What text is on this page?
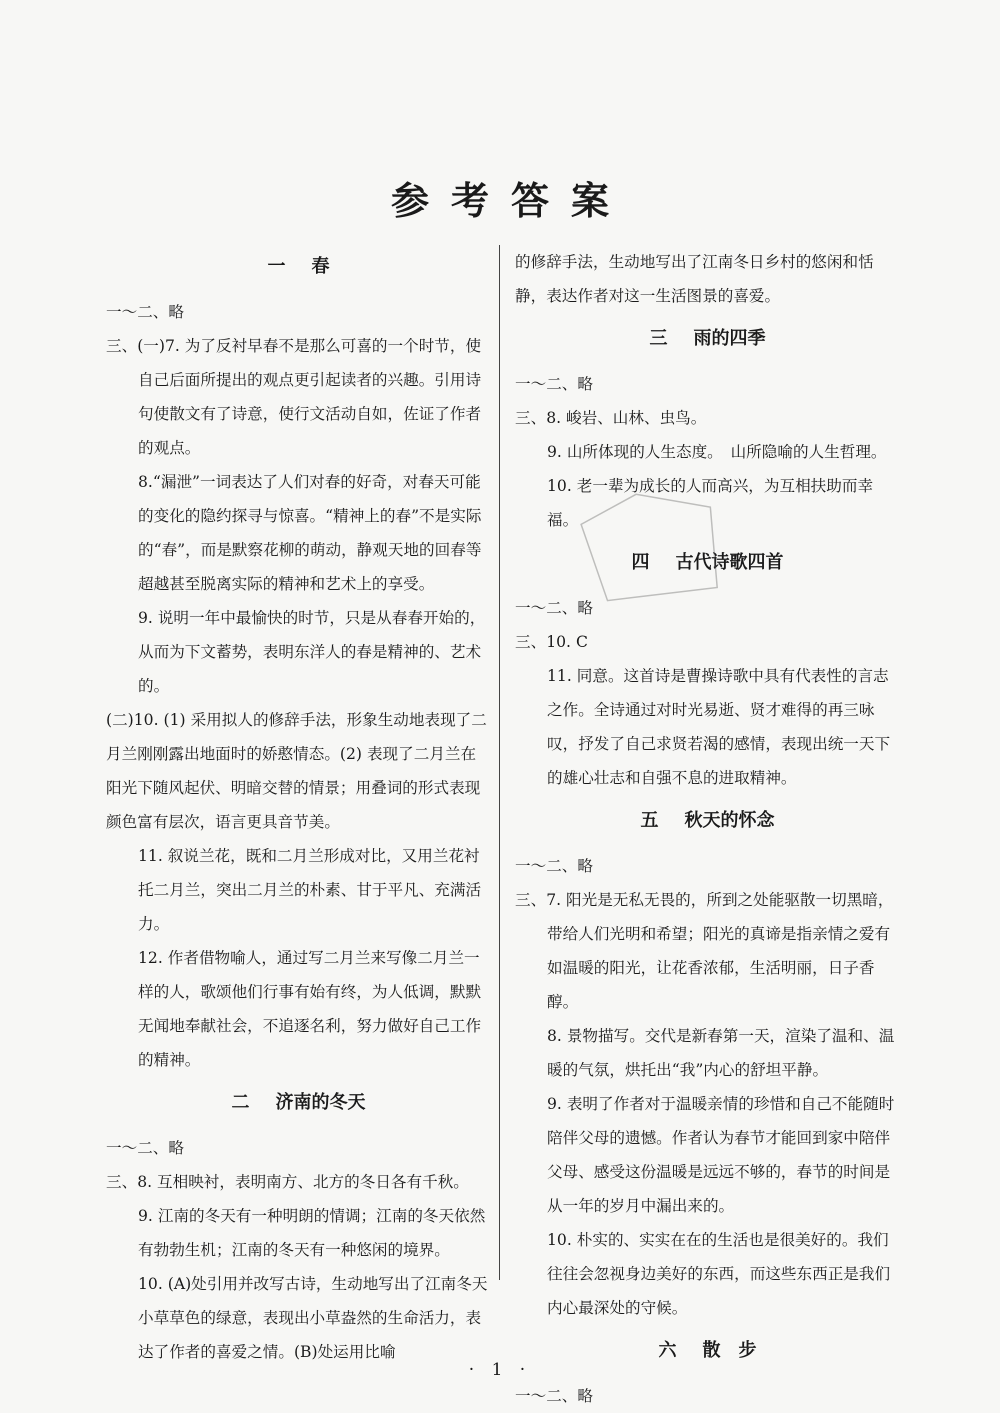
参考答案
一 春

一～二、略

三、(一)7. 为了反衬早春不是那么可喜的一个时节，使自己后面所提出的观点更引起读者的兴趣。引用诗句使散文有了诗意，使行文活动自如，佐证了作者的观点。

8.“漏泄”一词表达了人们对春的好奇，对春天可能的变化的隐约探寻与惊喜。“精神上的春”不是实际的“春”，而是默察花柳的萌动，静观天地的回春等超越甚至脱离实际的精神和艺术上的享受。

9. 说明一年中最愉快的时节，只是从春春开始的，从而为下文蓄势，表明东洋人的春是精神的、艺术的。

(二)10. (1) 采用拟人的修辞手法，形象生动地表现了二月兰刚刚露出地面时的娇憨情态。(2) 表现了二月兰在阳光下随风起伏、明暗交替的情景；用叠词的形式表现颜色富有层次，语言更具音节美。

11. 叙说兰花，既和二月兰形成对比，又用兰花衬托二月兰，突出二月兰的朴素、甘于平凡、充满活力。

12. 作者借物喻人，通过写二月兰来写像二月兰一样的人，歌颂他们行事有始有终，为人低调，默默无闻地奉献社会，不追逐名利，努力做好自己工作的精神。

二 济南的冬天

一～二、略

三、8. 互相映衬，表明南方、北方的冬日各有千秋。

9. 江南的冬天有一种明朗的情调；江南的冬天依然有勃勃生机；江南的冬天有一种悠闲的境界。

10. (A)处引用并改写古诗，生动地写出了江南冬天小草草色的绿意，表现出小草盎然的生命活力，表达了作者的喜爱之情。(B)处运用比喻

的修辞手法，生动地写出了江南冬日乡村的悠闲和恬静，表达作者对这一生活图景的喜爱。

三 雨的四季

一～二、略

三、8. 峻岩、山林、虫鸟。

9. 山所体现的人生态度。　山所隐喻的人生哲理。

10. 老一辈为成长的人而高兴，为互相扶助而幸福。

四 古代诗歌四首

一～二、略

三、10. C

11. 同意。这首诗是曹操诗歌中具有代表性的言志之作。全诗通过对时光易逝、贤才难得的再三咏叹，抒发了自己求贤若渴的感情，表现出统一天下的雄心壮志和自强不息的进取精神。

五 秋天的怀念

一～二、略

三、7. 阳光是无私无畏的，所到之处能驱散一切黑暗，带给人们光明和希望；阳光的真谛是指亲情之爱有如温暖的阳光，让花香浓郁，生活明丽，日子香醇。

8. 景物描写。交代是新春第一天，渲染了温和、温暖的气氛，烘托出“我”内心的舒坦平静。

9. 表明了作者对于温暖亲情的珍惜和自己不能随时陪伴父母的遗憾。作者认为春节才能回到家中陪伴父母、感受这份温暖是远远不够的，春节的时间是从一年的岁月中漏出来的。

10. 朴实的、实实在在的生活也是很美好的。我们往往会忽视身边美好的东西，而这些东西正是我们内心最深处的守候。

六 散　步

一～二、略

· 1 ·
